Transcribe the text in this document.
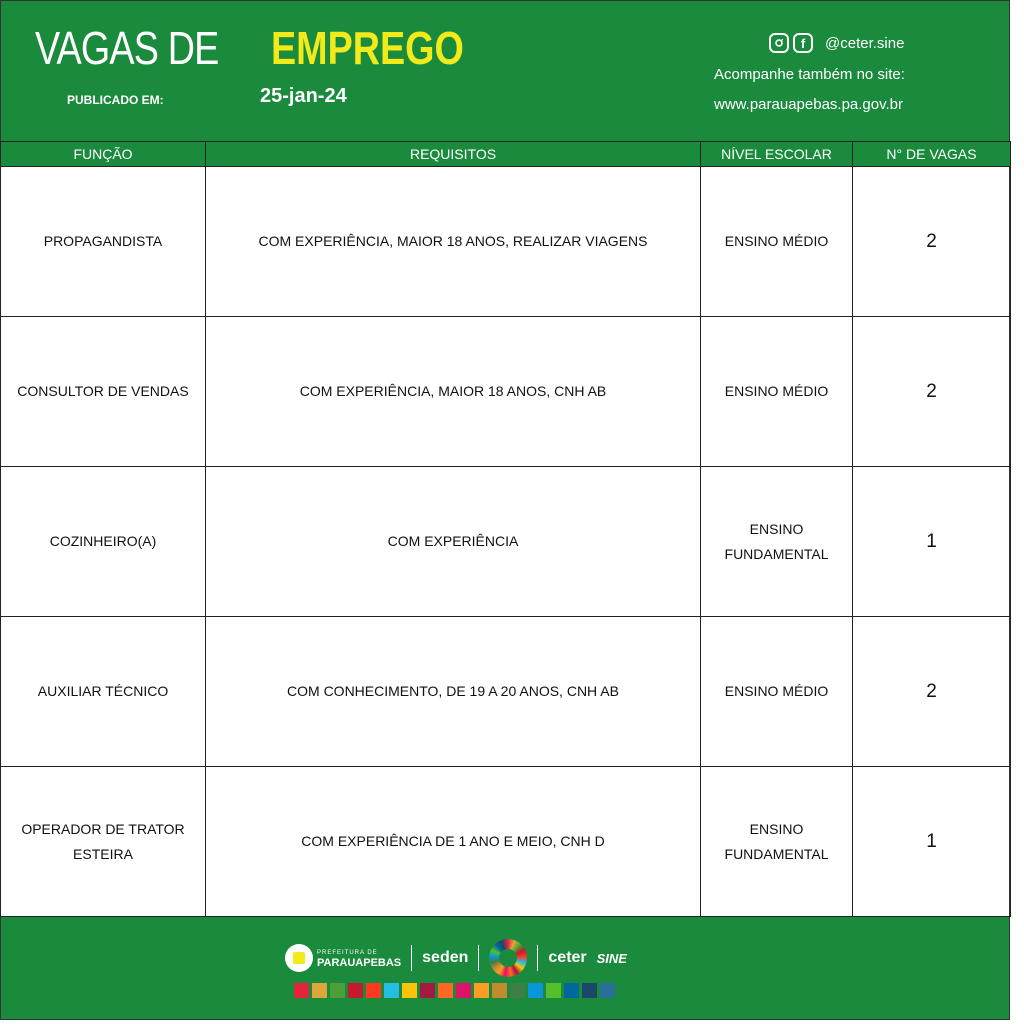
VAGAS DE EMPREGO
PUBLICADO EM:	25-jan-24
f	@ceter.sine
Acompanhe também no site:
www.parauapebas.pa.gov.br
FUNÇÃO	REQUISITOS	NÍVEL ESCOLAR	N° DE VAGAS
PROPAGANDISTA	COM EXPERIÊNCIA, MAIOR 18 ANOS, REALIZAR VIAGENS	ENSINO MÉDIO	2
CONSULTOR DE VENDAS	COM EXPERIÊNCIA, MAIOR 18 ANOS, CNH AB	ENSINO MÉDIO	2
COZINHEIRO(A)	COM EXPERIÊNCIA	ENSINO FUNDAMENTAL	1
AUXILIAR TÉCNICO	COM CONHECIMENTO, DE 19 A 20 ANOS, CNH AB	ENSINO MÉDIO	2
OPERADOR DE TRATOR ESTEIRA	COM EXPERIÊNCIA DE 1 ANO E MEIO, CNH D	ENSINO FUNDAMENTAL	1
PREFEITURA DE
PARAUAPEBAS seden	ceter SINE
